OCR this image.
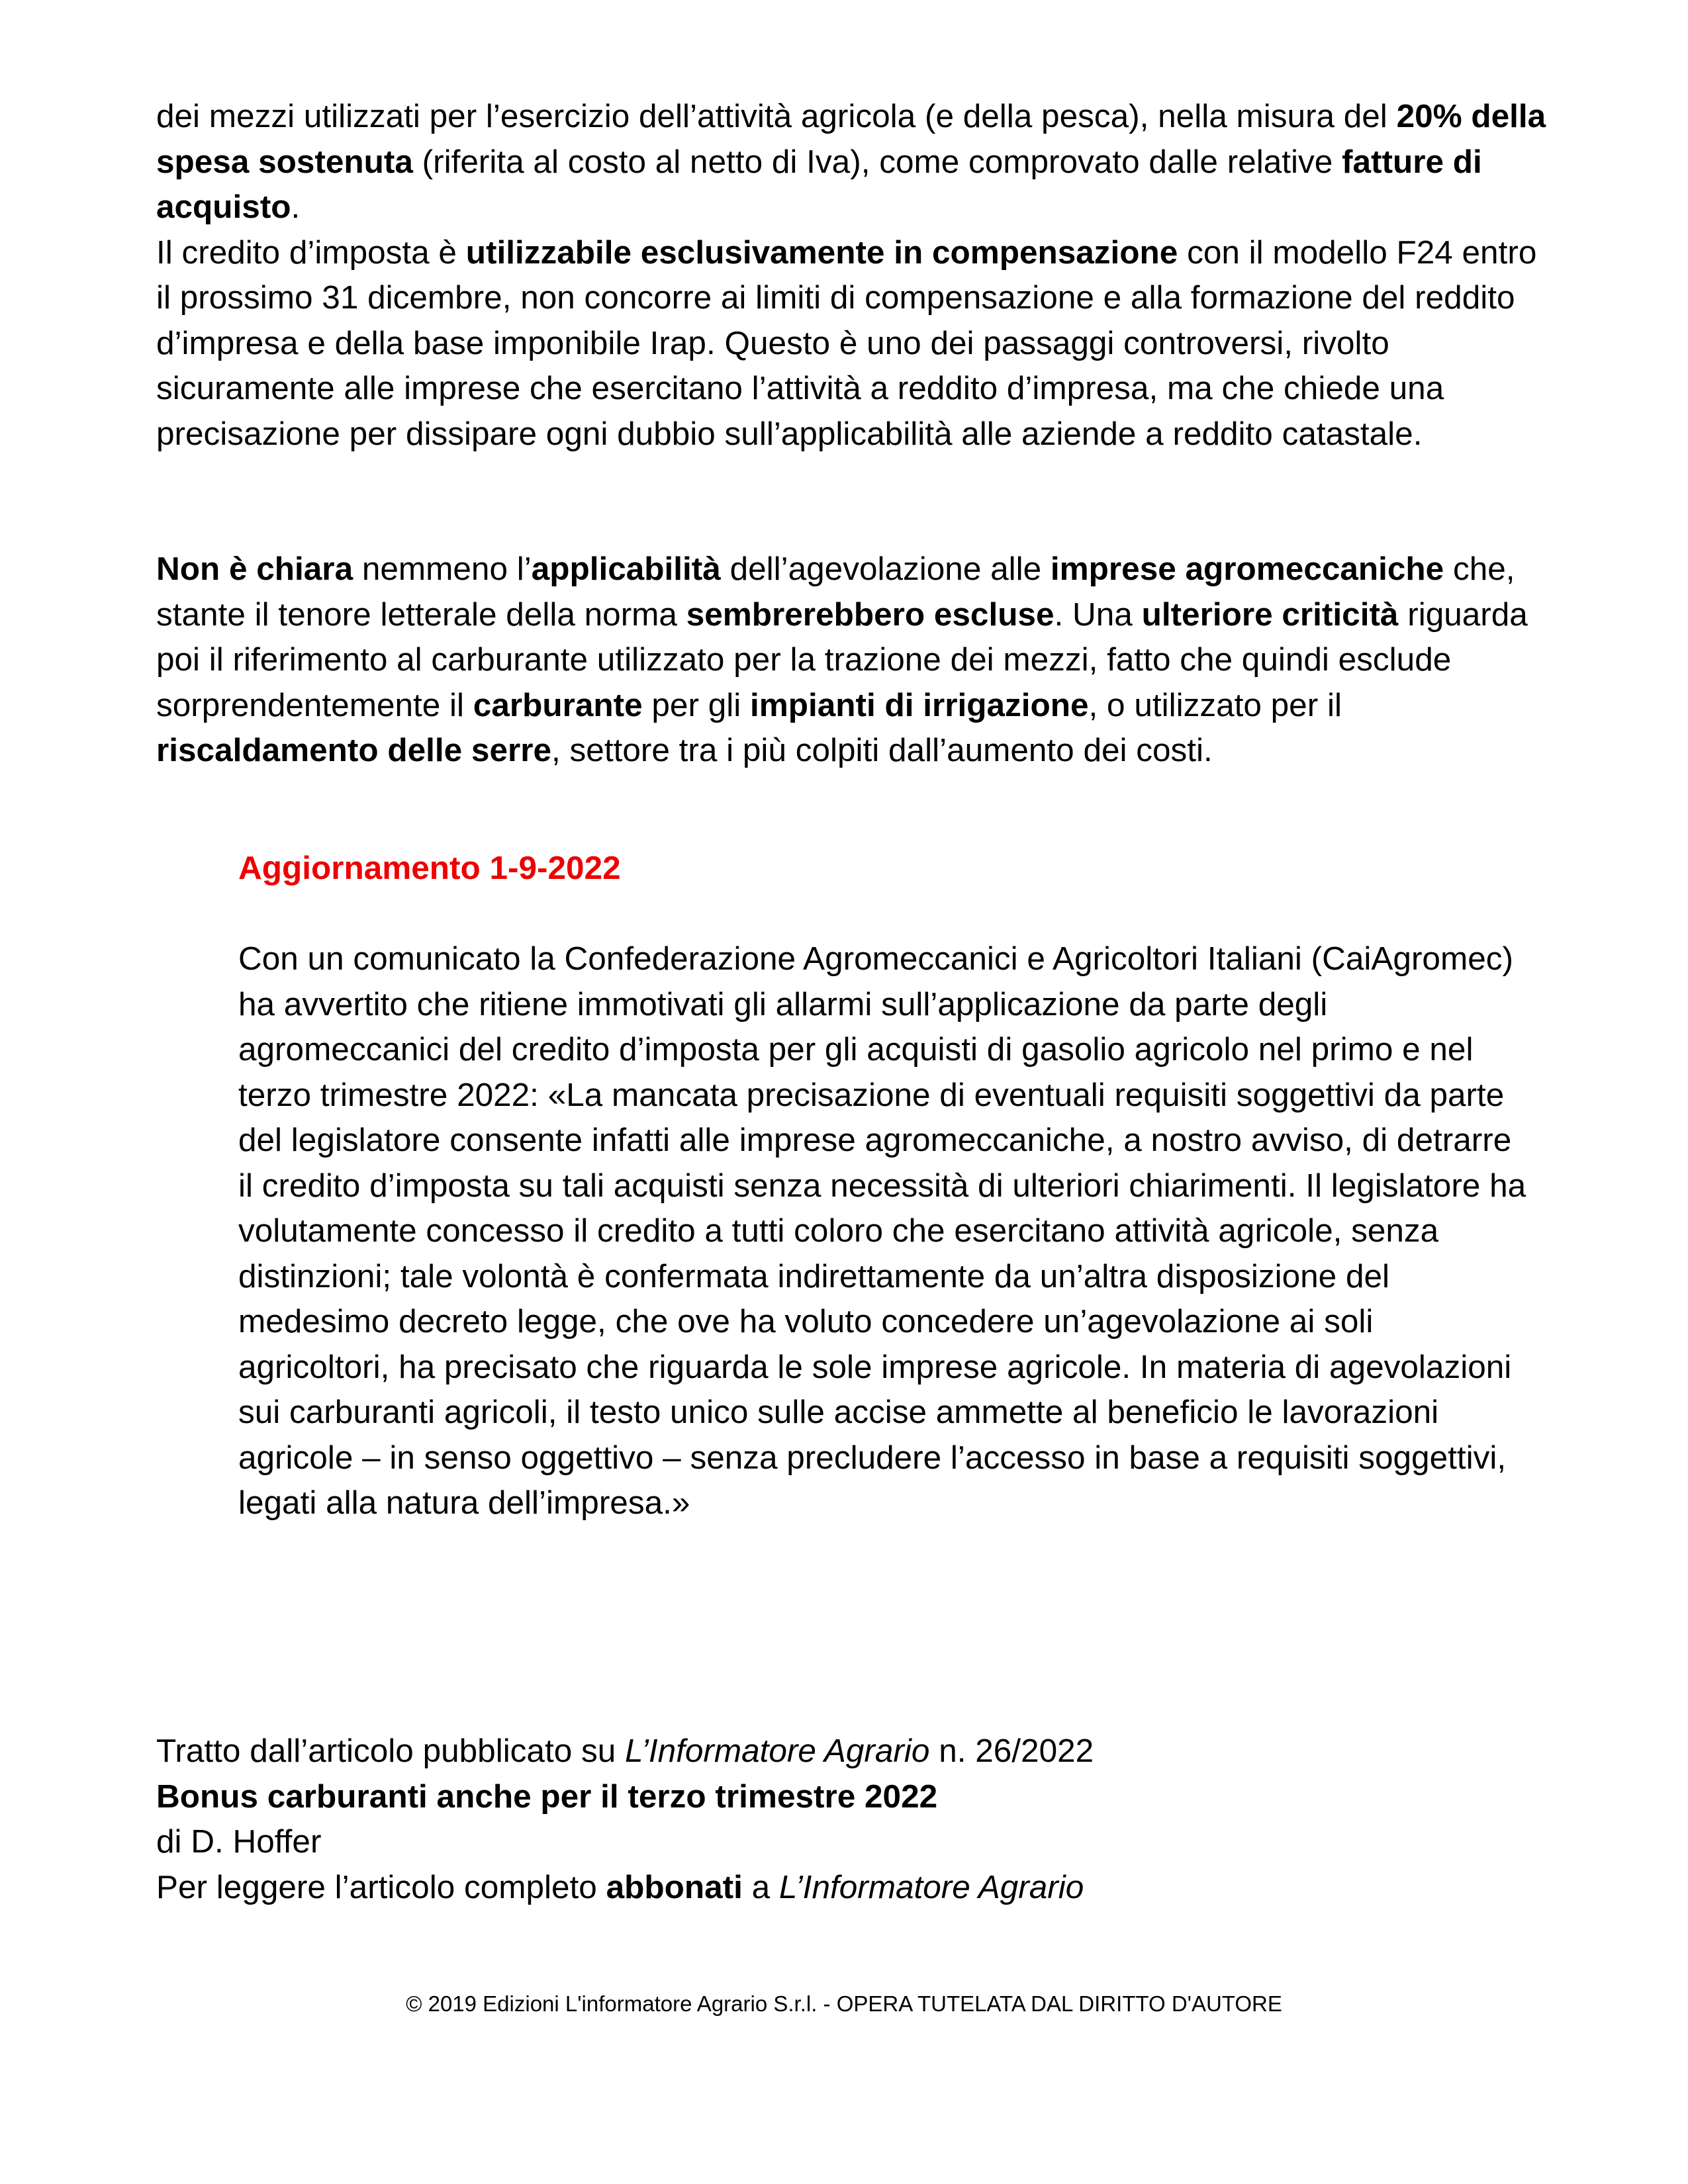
dei mezzi utilizzati per l’esercizio dell’attività agricola (e della pesca), nella misura del 20% della spesa sostenuta (riferita al costo al netto di Iva), come comprovato dalle relative fatture di acquisto.

Il credito d’imposta è utilizzabile esclusivamente in compensazione con il modello F24 entro il prossimo 31 dicembre, non concorre ai limiti di compensazione e alla formazione del reddito d’impresa e della base imponibile Irap. Questo è uno dei passaggi controversi, rivolto sicuramente alle imprese che esercitano l’attività a reddito d’impresa, ma che chiede una precisazione per dissipare ogni dubbio sull’applicabilità alle aziende a reddito catastale.

Non è chiara nemmeno l’applicabilità dell’agevolazione alle imprese agromeccaniche che, stante il tenore letterale della norma sembrerebbero escluse. Una ulteriore criticità riguarda poi il riferimento al carburante utilizzato per la trazione dei mezzi, fatto che quindi esclude sorprendentemente il carburante per gli impianti di irrigazione, o utilizzato per il riscaldamento delle serre, settore tra i più colpiti dall’aumento dei costi.

Aggiornamento 1-9-2022
Con un comunicato la Confederazione Agromeccanici e Agricoltori Italiani (CaiAgromec) ha avvertito che ritiene immotivati gli allarmi sull’applicazione da parte degli agromeccanici del credito d’imposta per gli acquisti di gasolio agricolo nel primo e nel terzo trimestre 2022: «La mancata precisazione di eventuali requisiti soggettivi da parte del legislatore consente infatti alle imprese agromeccaniche, a nostro avviso, di detrarre il credito d’imposta su tali acquisti senza necessità di ulteriori chiarimenti. Il legislatore ha volutamente concesso il credito a tutti coloro che esercitano attività agricole, senza distinzioni; tale volontà è confermata indirettamente da un’altra disposizione del medesimo decreto legge, che ove ha voluto concedere un’agevolazione ai soli agricoltori, ha precisato che riguarda le sole imprese agricole. In materia di agevolazioni sui carburanti agricoli, il testo unico sulle accise ammette al beneficio le lavorazioni agricole – in senso oggettivo – senza precludere l’accesso in base a requisiti soggettivi, legati alla natura dell’impresa.»

Tratto dall’articolo pubblicato su L’Informatore Agrario n. 26/2022

Bonus carburanti anche per il terzo trimestre 2022

di D. Hoffer

Per leggere l’articolo completo abbonati a L’Informatore Agrario

© 2019 Edizioni L'informatore Agrario S.r.l. - OPERA TUTELATA DAL DIRITTO D'AUTORE
